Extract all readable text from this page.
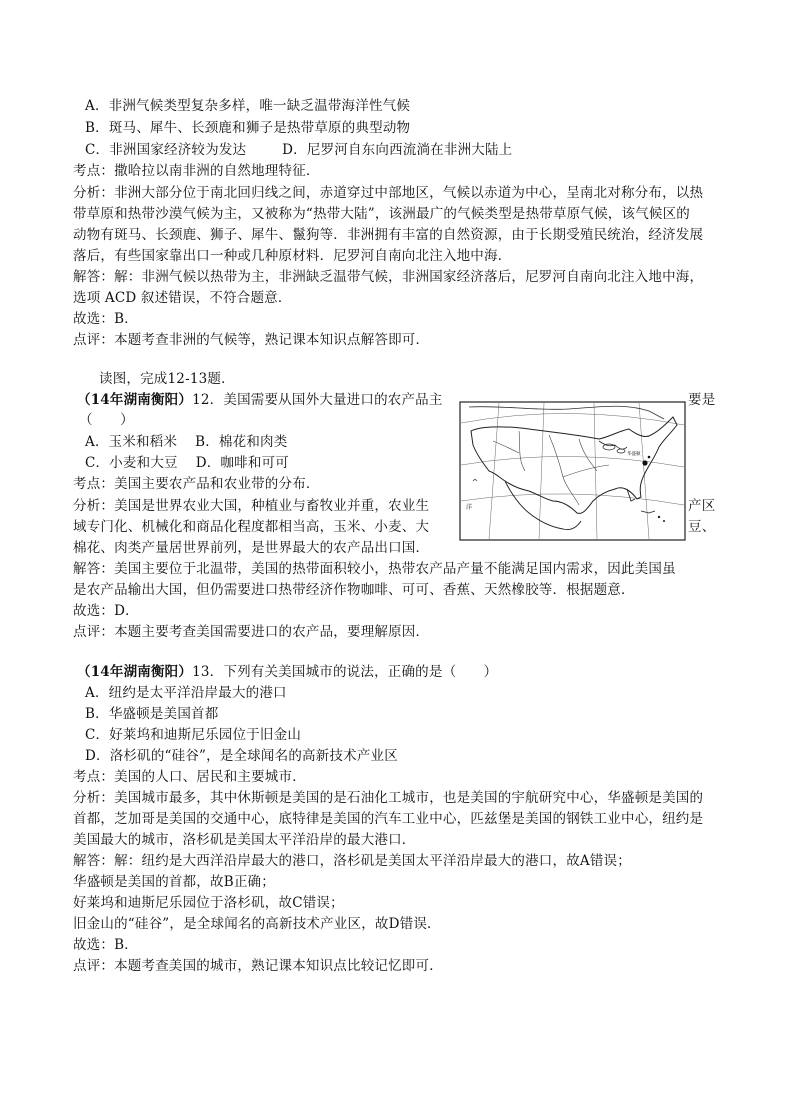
A．非洲气候类型复杂多样，唯一缺乏温带海洋性气候
B．斑马、犀牛、长颈鹿和狮子是热带草原的典型动物
C．非洲国家经济较为发达        D．尼罗河自东向西流淌在非洲大陆上
考点：撒哈拉以南非洲的自然地理特征．
分析：非洲大部分位于南北回归线之间，赤道穿过中部地区，气候以赤道为中心，呈南北对称分布，以热
带草原和热带沙漠气候为主，又被称为“热带大陆”，该洲最广的气候类型是热带草原气候，该气候区的
动物有斑马、长颈鹿、狮子、犀牛、鬣狗等．非洲拥有丰富的自然资源，由于长期受殖民统治，经济发展
落后，有些国家靠出口一种或几种原材料．尼罗河自南向北注入地中海．
解答：解：非洲气候以热带为主，非洲缺乏温带气候，非洲国家经济落后，尼罗河自南向北注入地中海，
选项 ACD 叙述错误，不符合题意．
故选：B．
点评：本题考查非洲的气候等，熟记课本知识点解答即可．
读图，完成12-13题．
（14年湖南衡阳）12．美国需要从国外大量进口的农产品主	要是
（　　）
A．玉米和稻米    B．棉花和肉类
C．小麦和大豆    D．咖啡和可可
考点：美国主要农产品和农业带的分布．
分析：美国是世界农业大国，种植业与畜牧业并重，农业生	产区
域专门化、机械化和商品化程度都相当高，玉米、小麦、大	豆、
棉花、肉类产量居世界前列，是世界最大的农产品出口国．
解答：美国主要位于北温带，美国的热带面积较小，热带农产品产量不能满足国内需求，因此美国虽
是农产品输出大国，但仍需要进口热带经济作物咖啡、可可、香蕉、天然橡胶等．根据题意．
故选：D．
点评：本题主要考查美国需要进口的农产品，要理解原因．
华盛顿
洋
（14年湖南衡阳）13．下列有关美国城市的说法，正确的是（　　）
A．纽约是太平洋沿岸最大的港口
B．华盛顿是美国首都
C．好莱坞和迪斯尼乐园位于旧金山
D．洛杉矶的“硅谷”，是全球闻名的高新技术产业区
考点：美国的人口、居民和主要城市．
分析：美国城市最多，其中休斯顿是美国的是石油化工城市，也是美国的宇航研究中心，华盛顿是美国的
首都，芝加哥是美国的交通中心，底特律是美国的汽车工业中心，匹兹堡是美国的钢铁工业中心，纽约是
美国最大的城市，洛杉矶是美国太平洋沿岸的最大港口．
解答：解：纽约是大西洋沿岸最大的港口，洛杉矶是美国太平洋沿岸最大的港口，故A错误；
华盛顿是美国的首都，故B正确；
好莱坞和迪斯尼乐园位于洛杉矶，故C错误；
旧金山的“硅谷”，是全球闻名的高新技术产业区，故D错误．
故选：B．
点评：本题考查美国的城市，熟记课本知识点比较记忆即可．
